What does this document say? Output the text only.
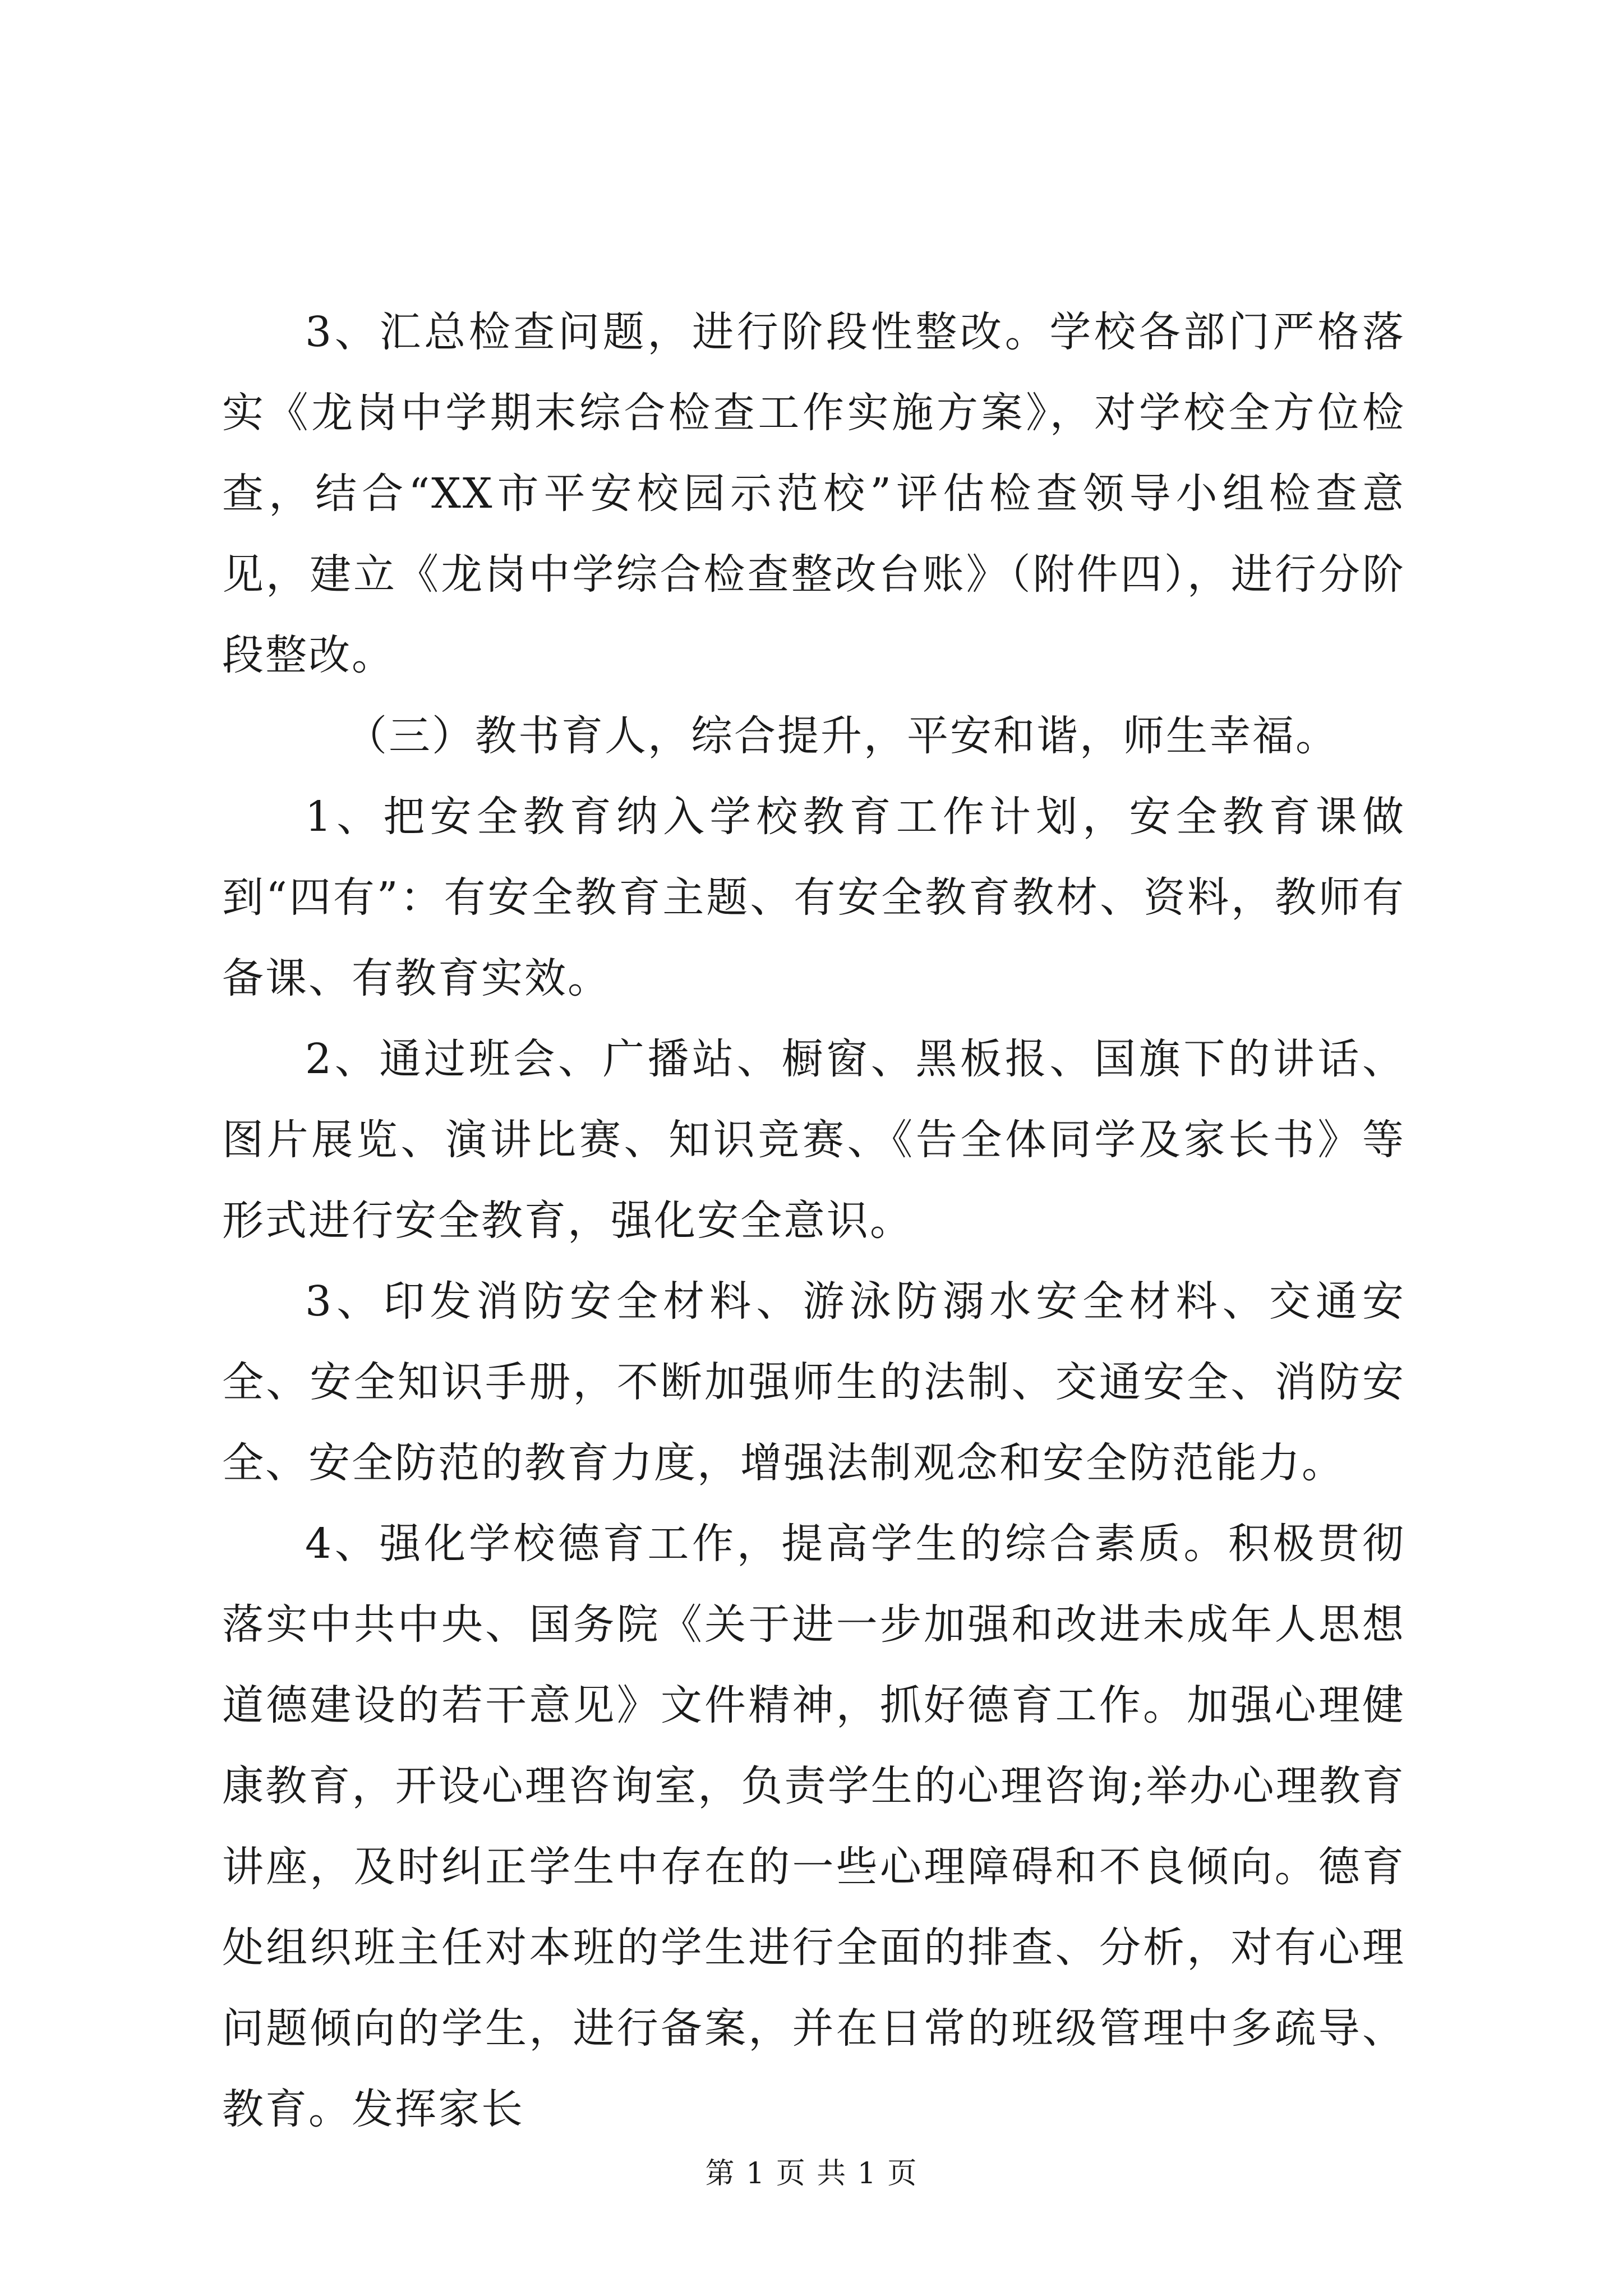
3、汇总检查问题，进行阶段性整改。学校各部门严格落实《龙岗中学期末综合检查工作实施方案》，对学校全方位检查，结合“XX市平安校园示范校”评估检查领导小组检查意见，建立《龙岗中学综合检查整改台账》（附件四），进行分阶段整改。

（三）教书育人，综合提升，平安和谐，师生幸福。

1、把安全教育纳入学校教育工作计划，安全教育课做到“四有”：有安全教育主题、有安全教育教材、资料，教师有备课、有教育实效。

2、通过班会、广播站、橱窗、黑板报、国旗下的讲话、图片展览、演讲比赛、知识竞赛、《告全体同学及家长书》等形式进行安全教育，强化安全意识。

3、印发消防安全材料、游泳防溺水安全材料、交通安全、安全知识手册，不断加强师生的法制、交通安全、消防安全、安全防范的教育力度，增强法制观念和安全防范能力。

4、强化学校德育工作，提高学生的综合素质。积极贯彻落实中共中央、国务院《关于进一步加强和改进未成年人思想道德建设的若干意见》文件精神，抓好德育工作。加强心理健康教育，开设心理咨询室，负责学生的心理咨询;举办心理教育讲座，及时纠正学生中存在的一些心理障碍和不良倾向。德育处组织班主任对本班的学生进行全面的排查、分析，对有心理问题倾向的学生，进行备案，并在日常的班级管理中多疏导、教育。发挥家长

第 1 页 共 1 页
